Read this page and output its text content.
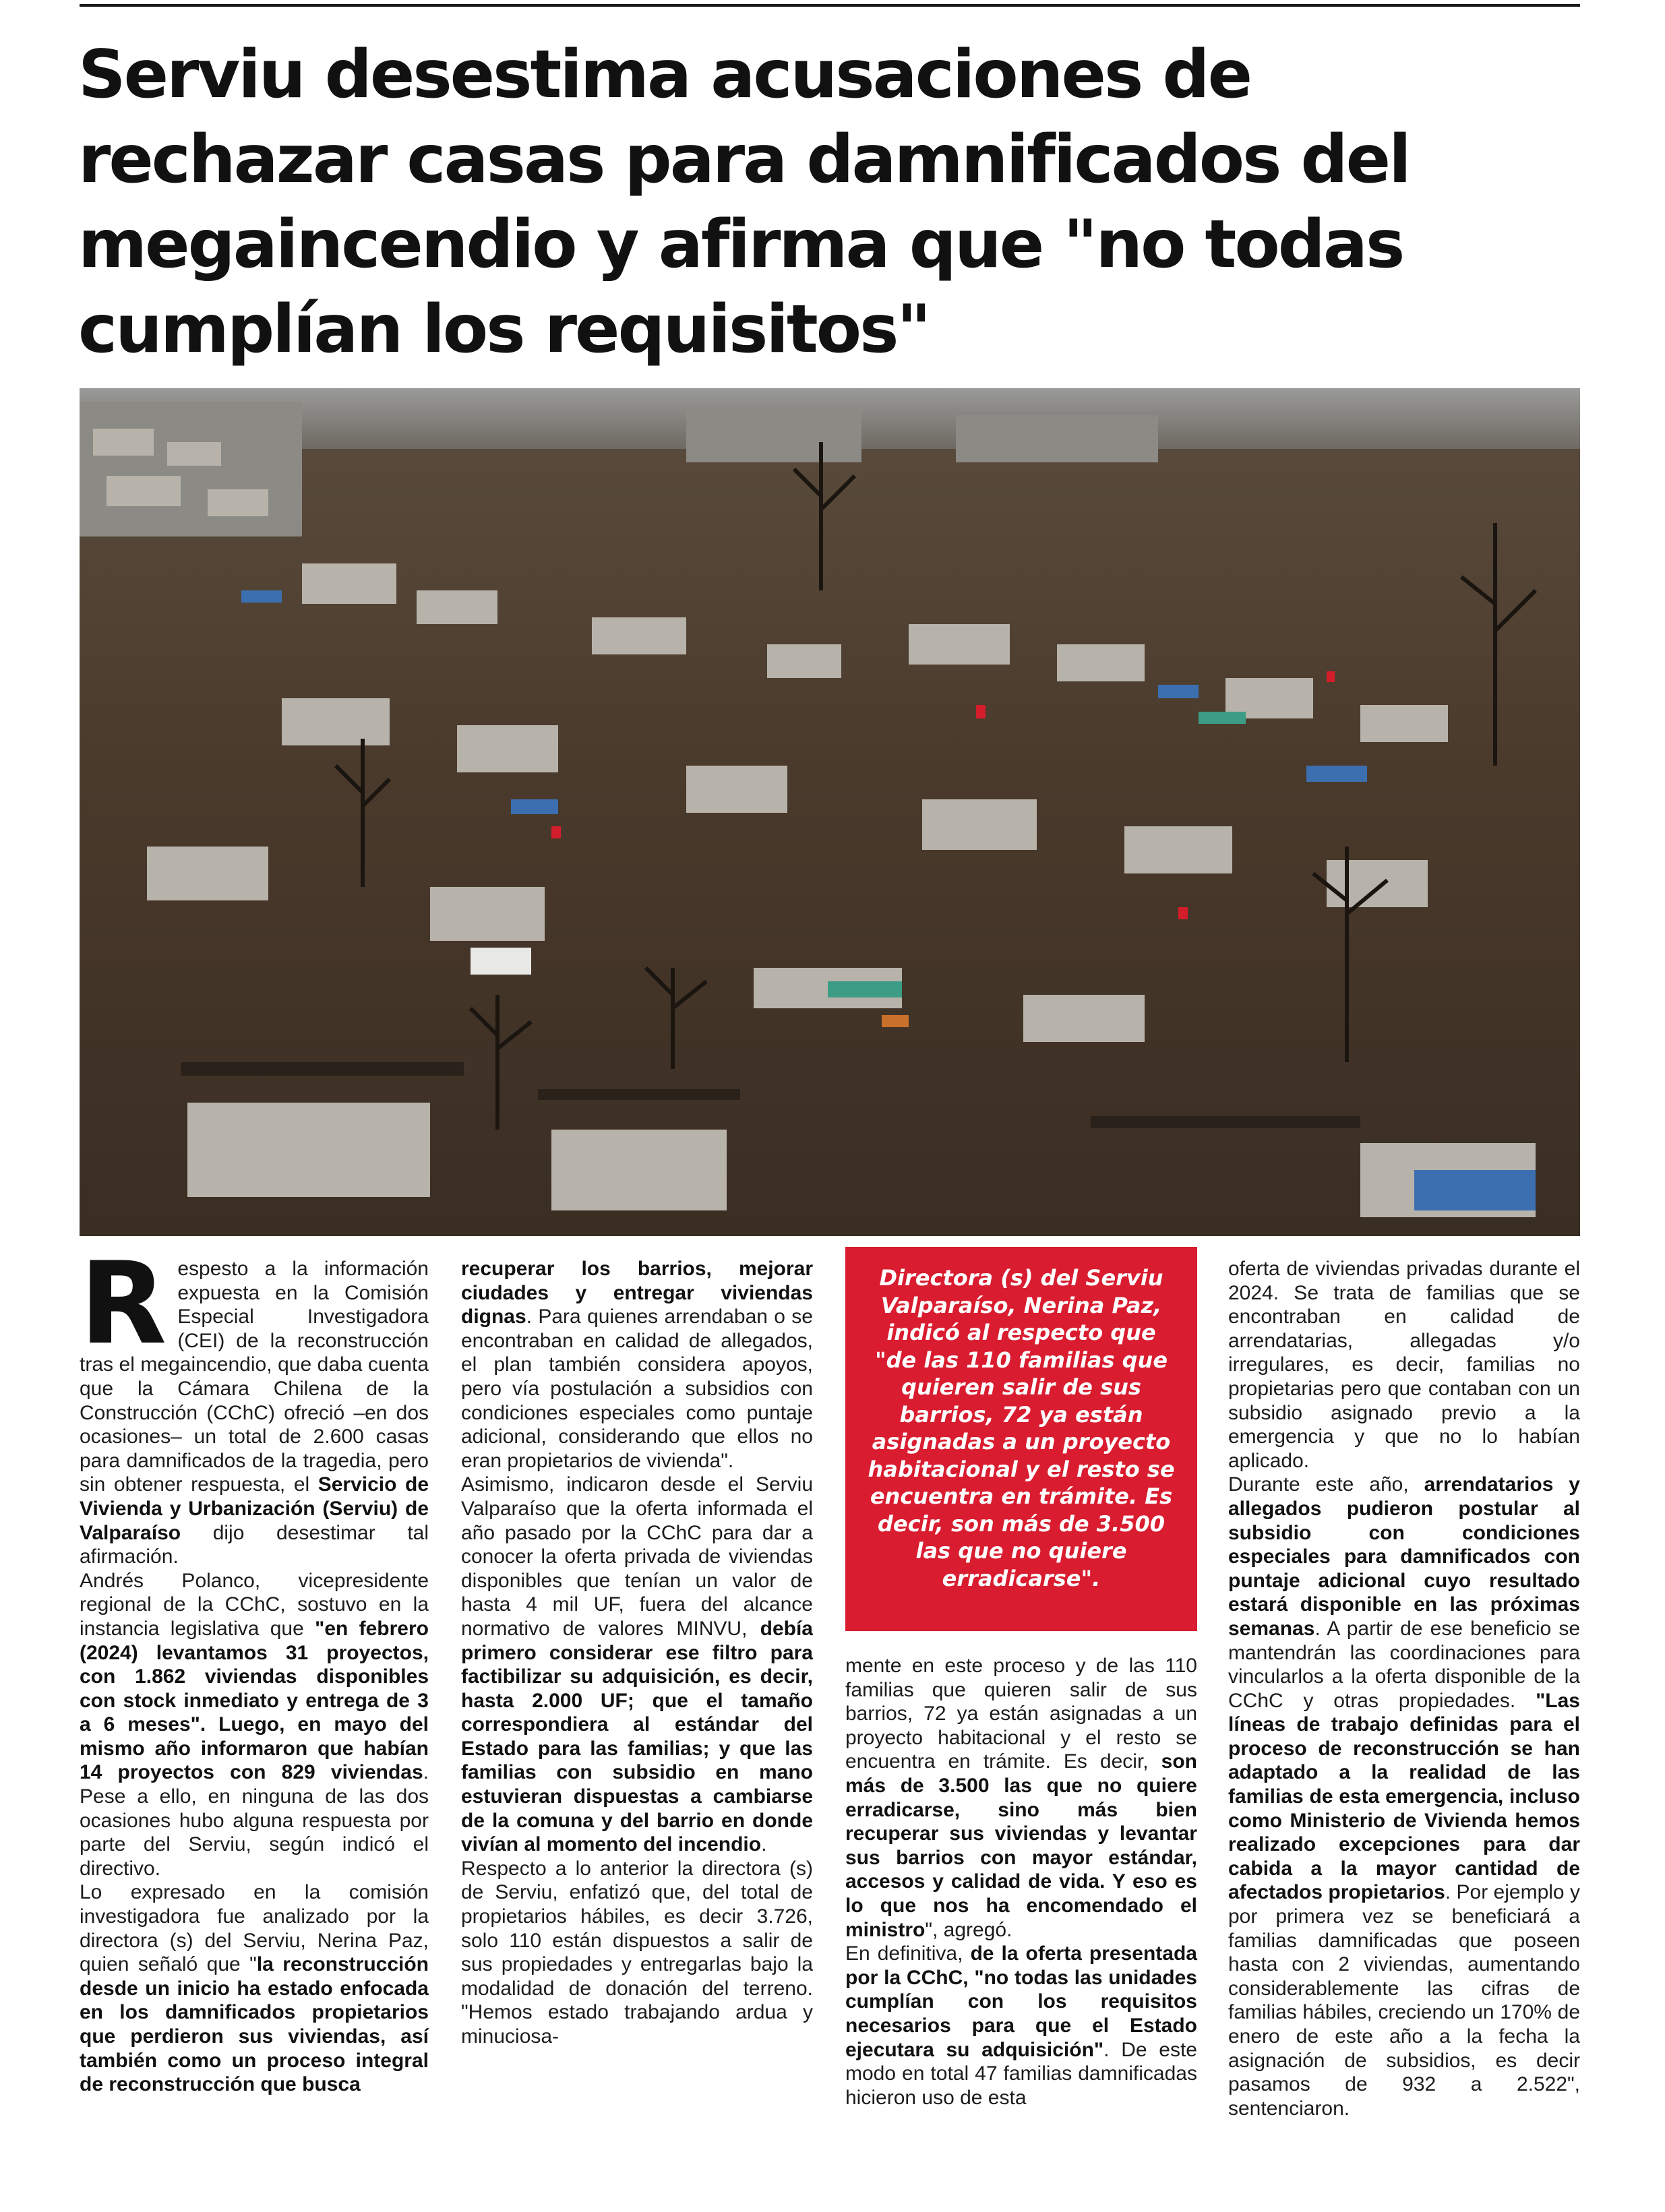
Serviu desestima acusaciones de
rechazar casas para damnificados del
megaincendio y afirma que "no todas
cumplían los requisitos"
R espesto a la información expuesta en la Comisión Especial Investigadora (CEI) de la reconstrucción tras el megaincendio, que daba cuenta que la Cámara Chilena de la Construcción (CChC) ofreció –en dos ocasiones– un total de 2.600 casas para damnificados de la tragedia, pero sin obtener respuesta, el Servicio de Vivienda y Urbanización (Serviu) de Valparaíso dijo desestimar tal afirmación.

Andrés Polanco, vicepresidente regional de la CChC, sostuvo en la instancia legislativa que "en febrero (2024) levantamos 31 proyectos, con 1.862 viviendas disponibles con stock inmediato y entrega de 3 a 6 meses". Luego, en mayo del mismo año informaron que habían 14 proyectos con 829 viviendas. Pese a ello, en ninguna de las dos ocasiones hubo alguna respuesta por parte del Serviu, según indicó el directivo.

Lo expresado en la comisión investigadora fue analizado por la directora (s) del Serviu, Nerina Paz, quien señaló que "la reconstrucción desde un inicio ha estado enfocada en los damnificados propietarios que perdieron sus viviendas, así también como un proceso integral de reconstrucción que busca

recuperar los barrios, mejorar ciudades y entregar viviendas dignas. Para quienes arrendaban o se encontraban en calidad de allegados, el plan también considera apoyos, pero vía postulación a subsidios con condiciones especiales como puntaje adicional, considerando que ellos no eran propietarios de vivienda".

Asimismo, indicaron desde el Serviu Valparaíso que la oferta informada el año pasado por la CChC para dar a conocer la oferta privada de viviendas disponibles que tenían un valor de hasta 4 mil UF, fuera del alcance normativo de valores MINVU, debía primero considerar ese filtro para factibilizar su adquisición, es decir, hasta 2.000 UF; que el tamaño correspondiera al estándar del Estado para las familias; y que las familias con subsidio en mano estuvieran dispuestas a cambiarse de la comuna y del barrio en donde vivían al momento del incendio.

Respecto a lo anterior la directora (s) de Serviu, enfatizó que, del total de propietarios hábiles, es decir 3.726, solo 110 están dispuestos a salir de sus propiedades y entregarlas bajo la modalidad de donación del terreno. "Hemos estado trabajando ardua y minuciosa-

Directora (s) del Serviu Valparaíso, Nerina Paz, indicó al respecto que "de las 110 familias que quieren salir de sus barrios, 72 ya están asignadas a un proyecto habitacional y el resto se encuentra en trámite. Es decir, son más de 3.500 las que no quiere erradicarse".

mente en este proceso y de las 110 familias que quieren salir de sus barrios, 72 ya están asignadas a un proyecto habitacional y el resto se encuentra en trámite. Es decir, son más de 3.500 las que no quiere erradicarse, sino más bien recuperar sus viviendas y levantar sus barrios con mayor estándar, accesos y calidad de vida. Y eso es lo que nos ha encomendado el ministro", agregó.

En definitiva, de la oferta presentada por la CChC, "no todas las unidades cumplían con los requisitos necesarios para que el Estado ejecutara su adquisición". De este modo en total 47 familias damnificadas hicieron uso de esta

oferta de viviendas privadas durante el 2024. Se trata de familias que se encontraban en calidad de arrendatarias, allegadas y/o irregulares, es decir, familias no propietarias pero que contaban con un subsidio asignado previo a la emergencia y que no lo habían aplicado.

Durante este año, arrendatarios y allegados pudieron postular al subsidio con condiciones especiales para damnificados con puntaje adicional cuyo resultado estará disponible en las próximas semanas. A partir de ese beneficio se mantendrán las coordinaciones para vincularlos a la oferta disponible de la CChC y otras propiedades. "Las líneas de trabajo definidas para el proceso de reconstrucción se han adaptado a la realidad de las familias de esta emergencia, incluso como Ministerio de Vivienda hemos realizado excepciones para dar cabida a la mayor cantidad de afectados propietarios. Por ejemplo y por primera vez se beneficiará a familias damnificadas que poseen hasta con 2 viviendas, aumentando considerablemente las cifras de familias hábiles, creciendo un 170% de enero de este año a la fecha la asignación de subsidios, es decir pasamos de 932 a 2.522", sentenciaron.
